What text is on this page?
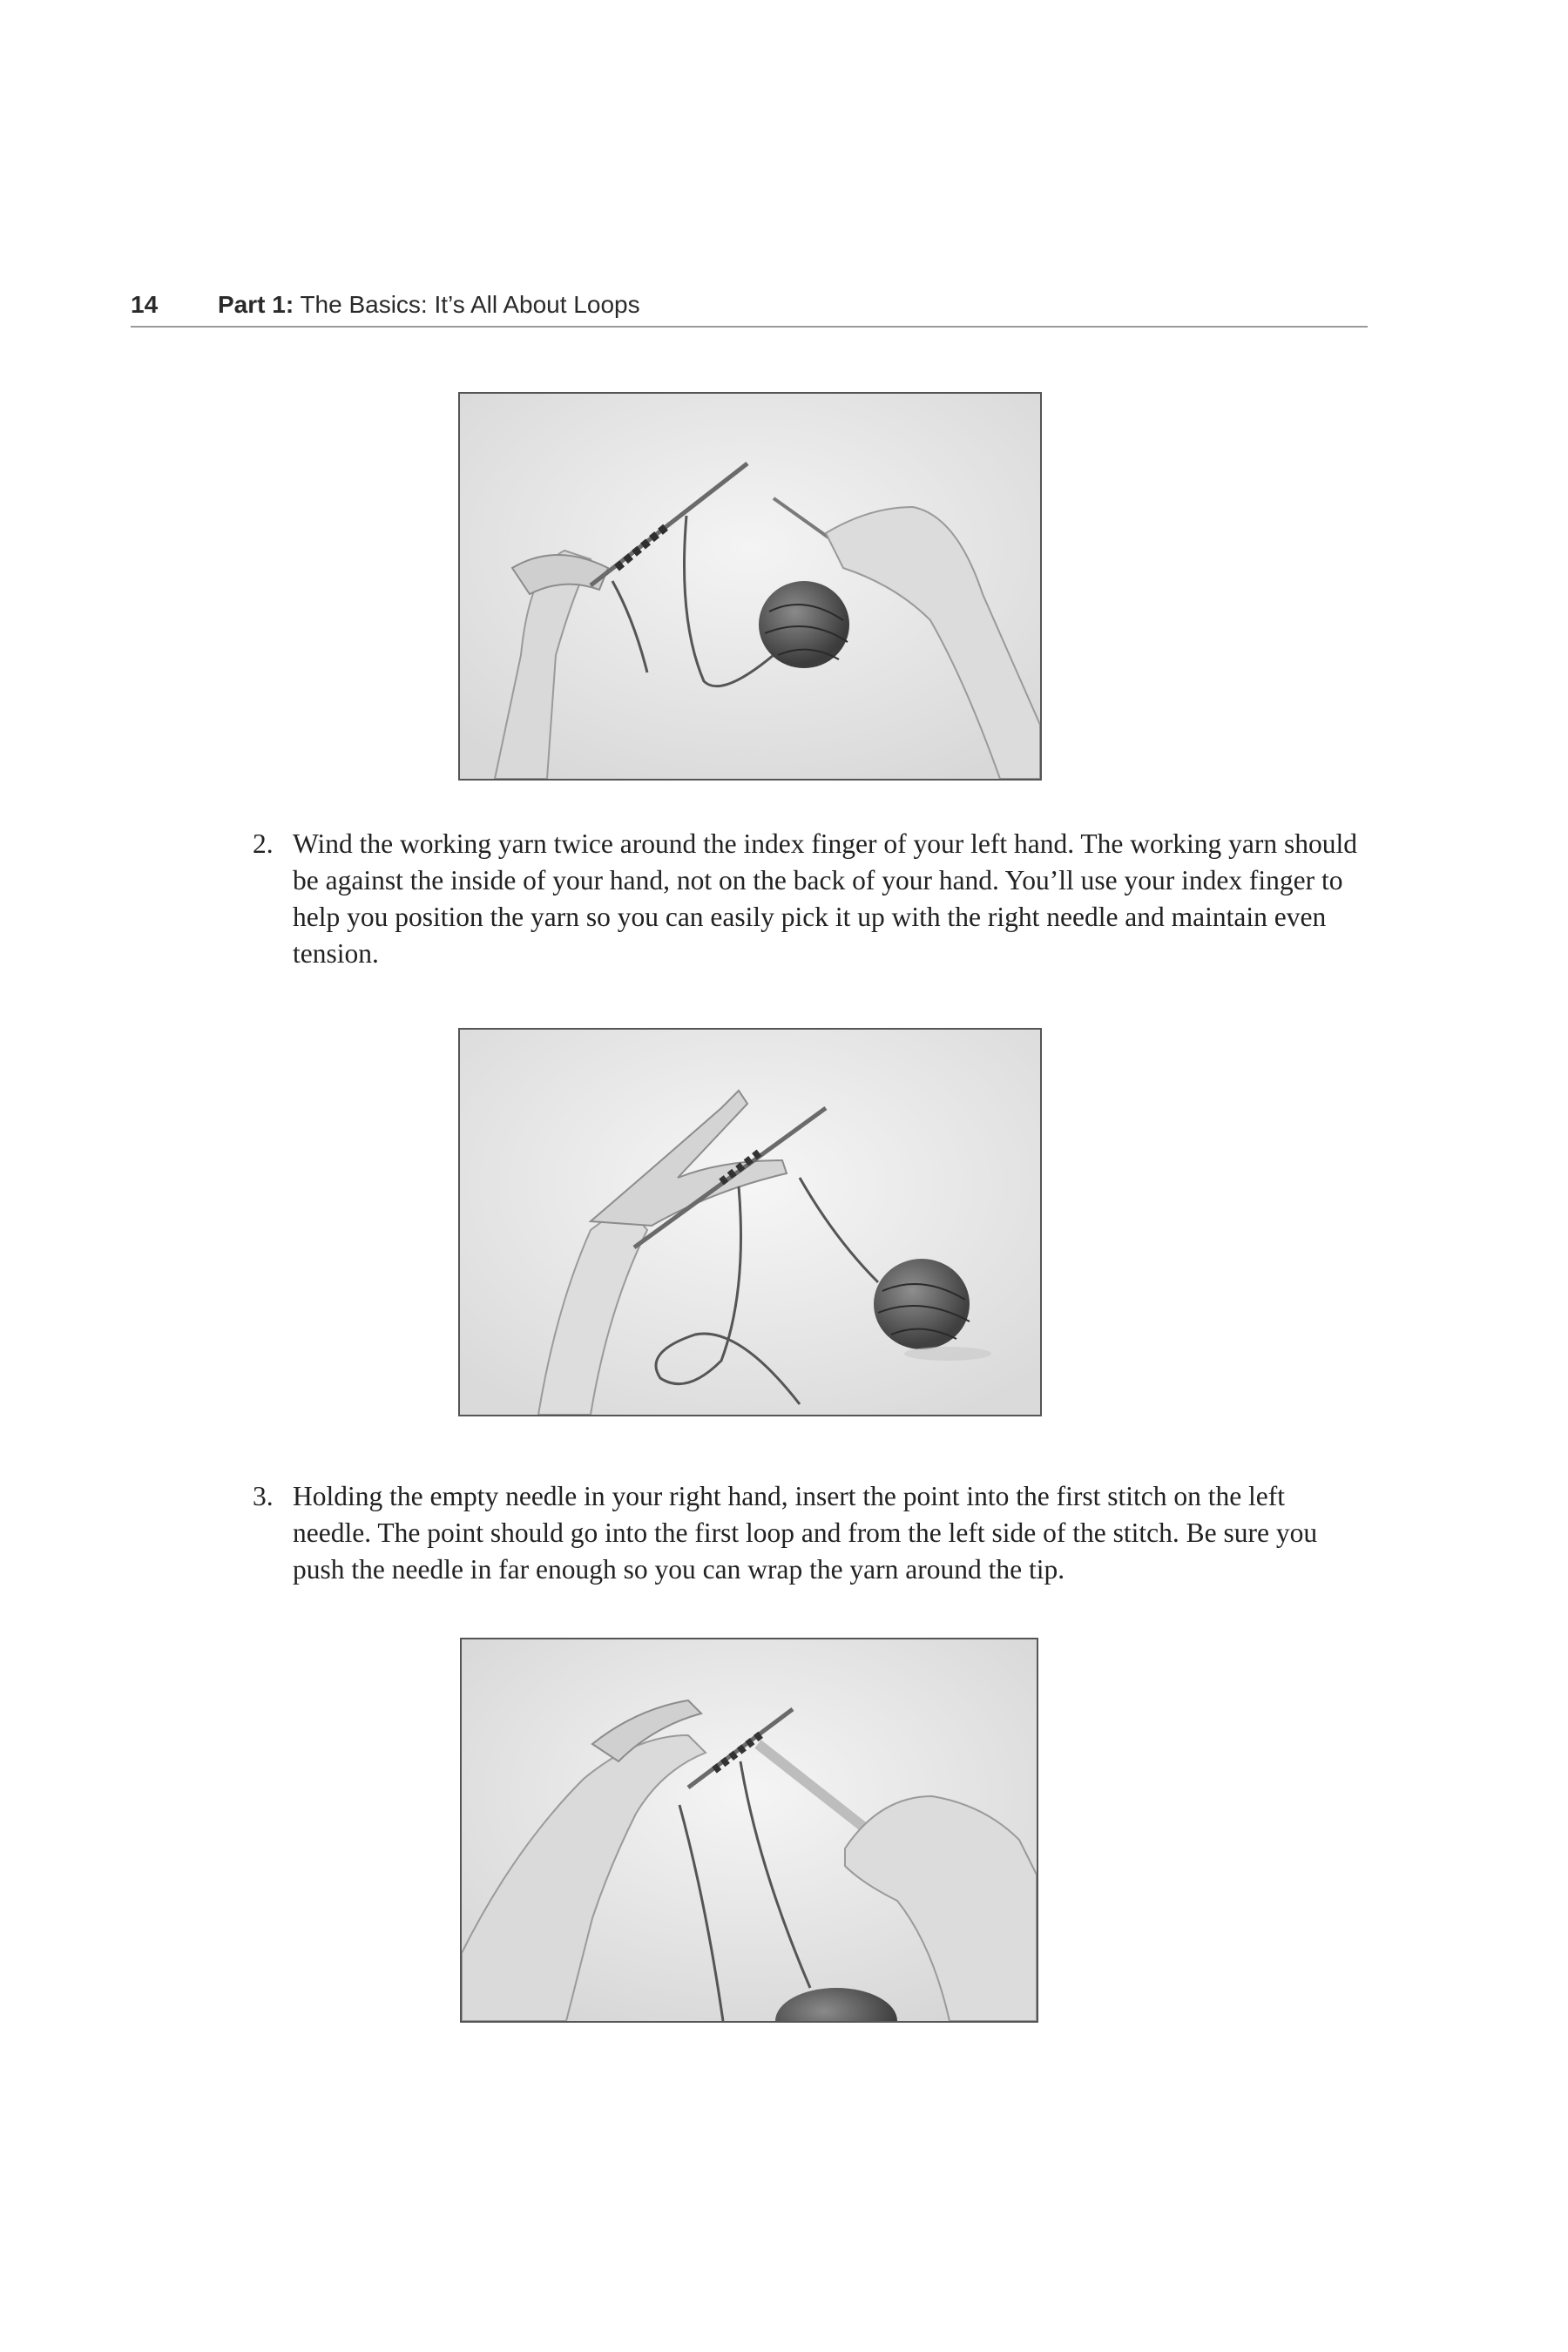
14 Part 1: The Basics: It’s All About Loops
2. Wind the working yarn twice around the index finger of your left hand. The working yarn should be against the inside of your hand, not on the back of your hand. You’ll use your index finger to help you position the yarn so you can easily pick it up with the right needle and maintain even tension.
3. Holding the empty needle in your right hand, insert the point into the first stitch on the left needle. The point should go into the first loop and from the left side of the stitch. Be sure you push the needle in far enough so you can wrap the yarn around the tip.
